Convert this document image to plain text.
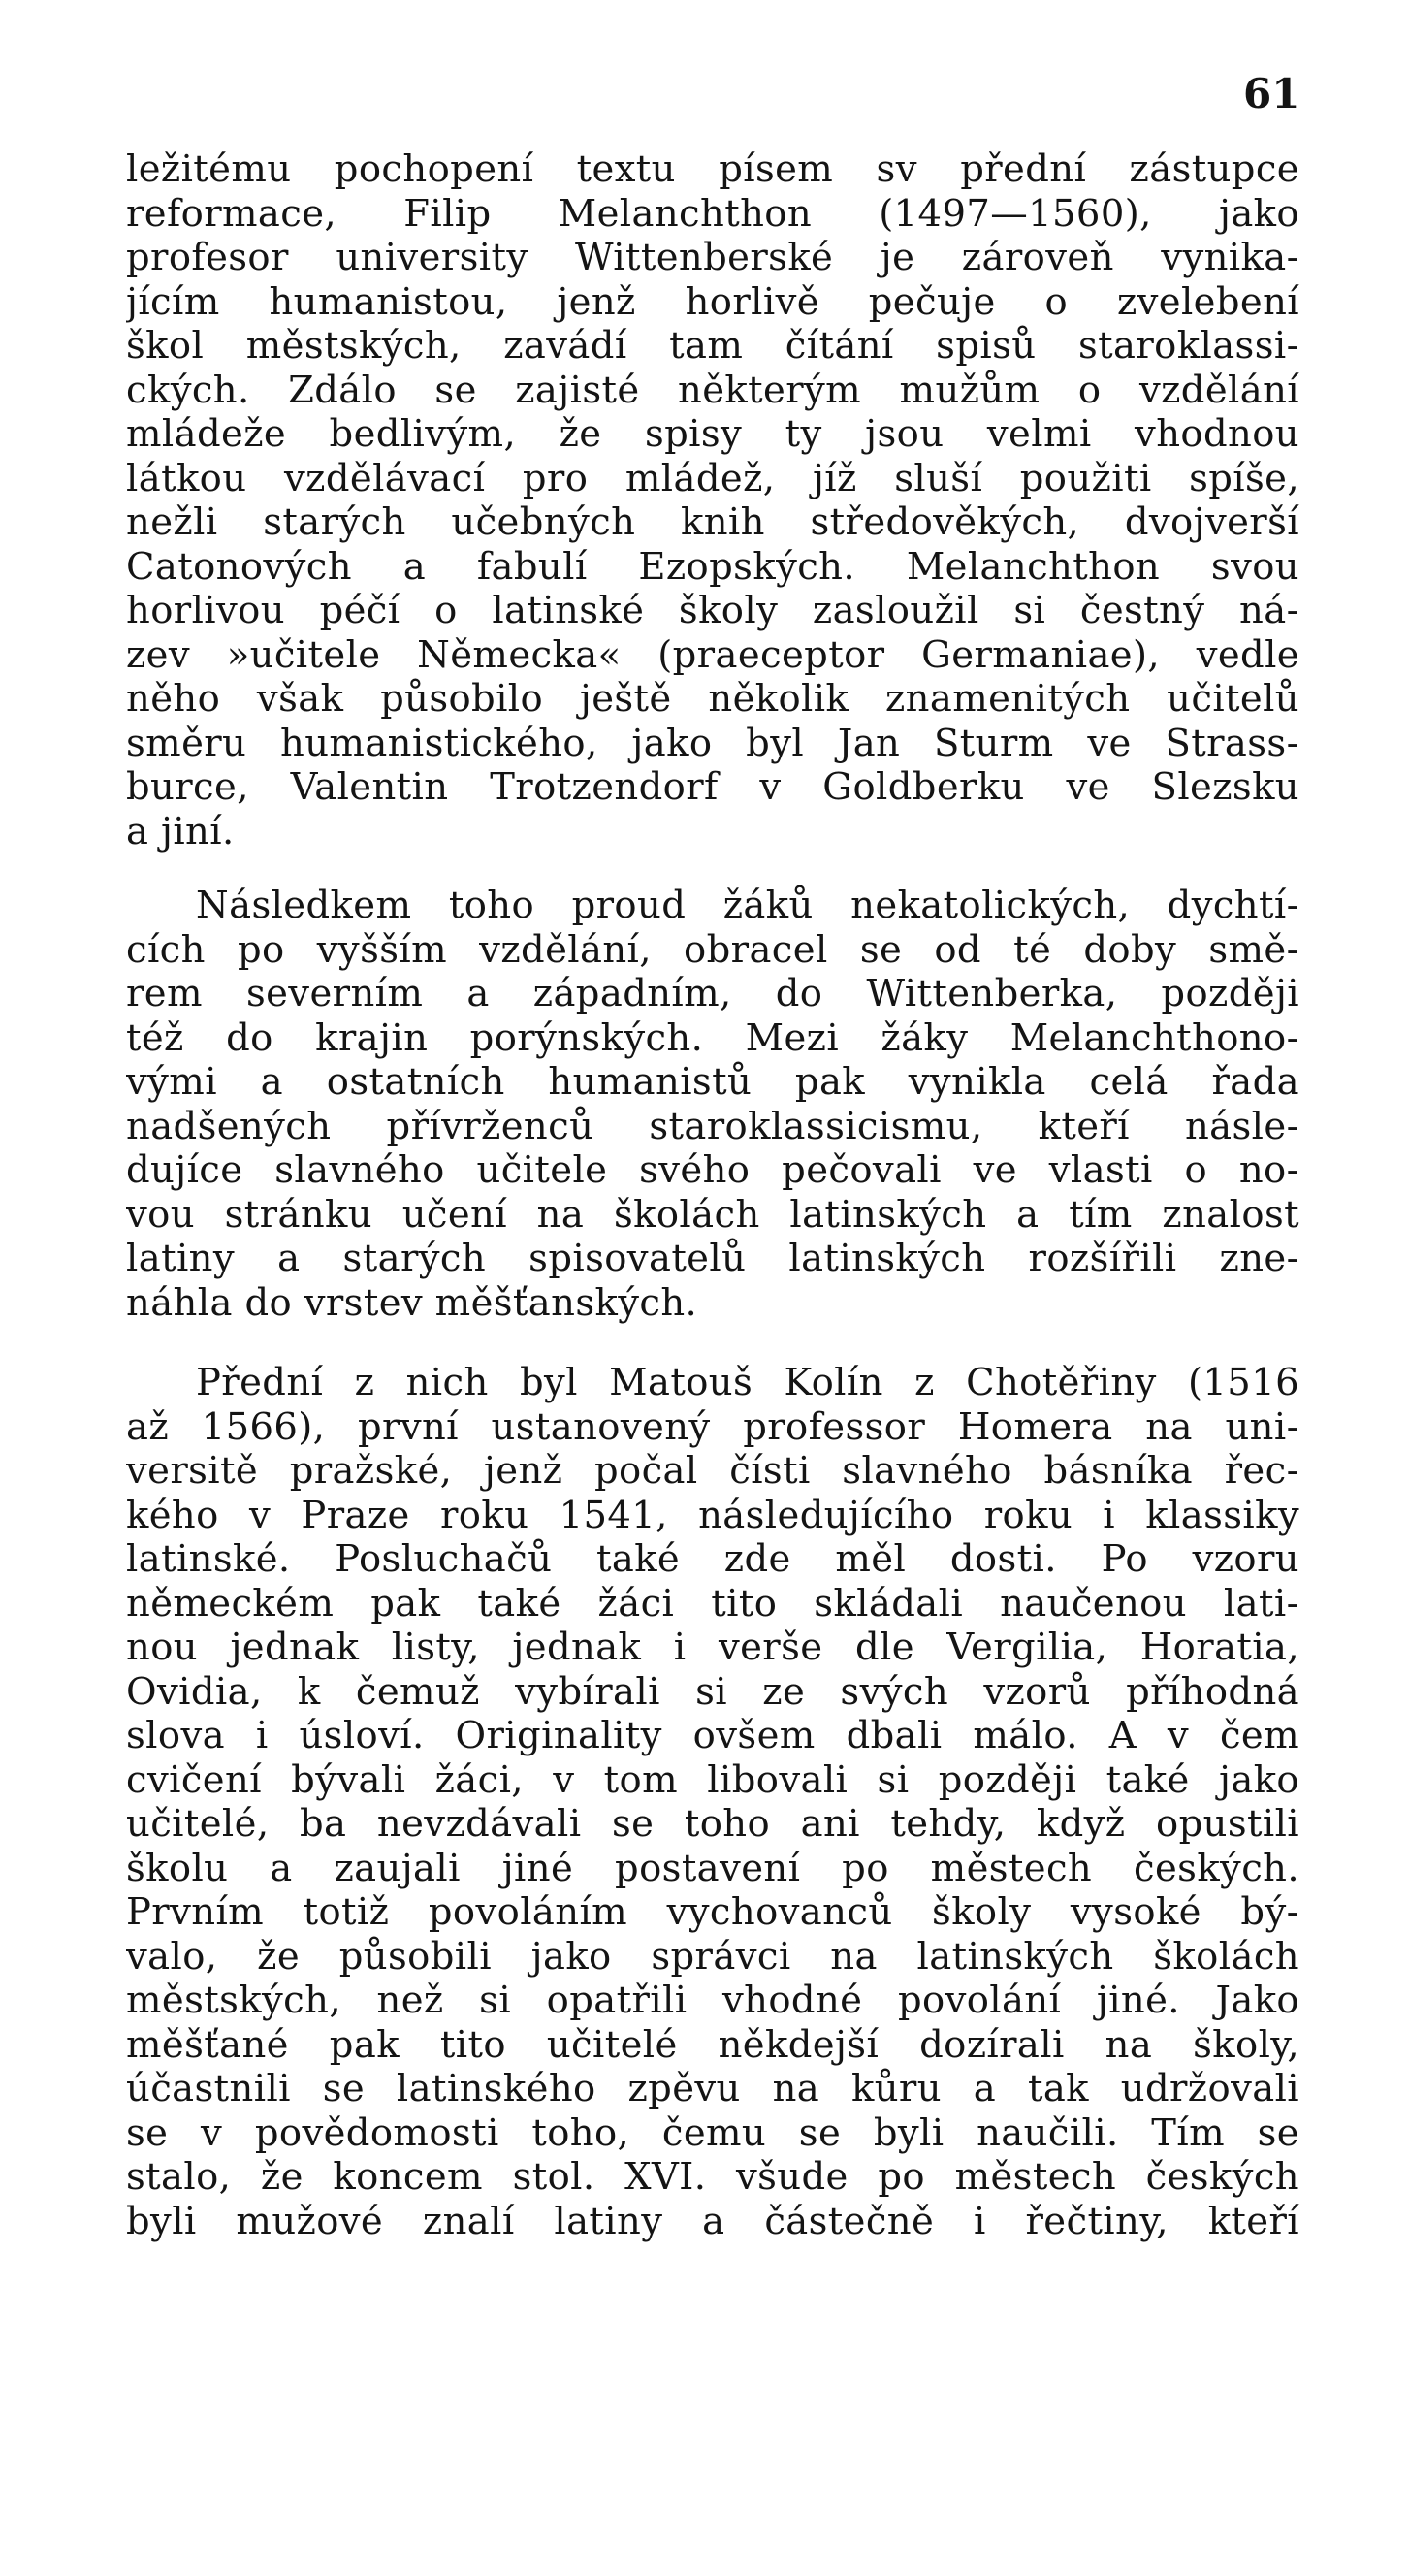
61

ležitému pochopení textu písem sv přední zástupce
reformace, Filip Melanchthon (1497—1560), jako
profesor university Wittenberské je zároveň vynika-
jícím humanistou, jenž horlivě pečuje o zvelebení
škol městských, zavádí tam čítání spisů staroklassi-
ckých. Zdálo se zajisté některým mužům o vzdělání
mládeže bedlivým, že spisy ty jsou velmi vhodnou
látkou vzdělávací pro mládež, jíž sluší použiti spíše,
nežli starých učebných knih středověkých, dvojverší
Catonových a fabulí Ezopských. Melanchthon svou
horlivou péčí o latinské školy zasloužil si čestný ná-
zev »učitele Německa« (praeceptor Germaniae), vedle
něho však působilo ještě několik znamenitých učitelů
směru humanistického, jako byl Jan Sturm ve Strass-
burce, Valentin Trotzendorf v Goldberku ve Slezsku
a jiní.

Následkem toho proud žáků nekatolických, dychtí-
cích po vyšším vzdělání, obracel se od té doby smě-
rem severním a západním, do Wittenberka, později
též do krajin porýnských. Mezi žáky Melanchthono-
vými a ostatních humanistů pak vynikla celá řada
nadšených přívrženců staroklassicismu, kteří násle-
dujíce slavného učitele svého pečovali ve vlasti o no-
vou stránku učení na školách latinských a tím znalost
latiny a starých spisovatelů latinských rozšířili zne-
náhla do vrstev měšťanských.

Přední z nich byl Matouš Kolín z Chotěřiny (1516
až 1566), první ustanovený professor Homera na uni-
versitě pražské, jenž počal čísti slavného básníka řec-
kého v Praze roku 1541, následujícího roku i klassiky
latinské. Posluchačů také zde měl dosti. Po vzoru
německém pak také žáci tito skládali naučenou lati-
nou jednak listy, jednak i verše dle Vergilia, Horatia,
Ovidia, k čemuž vybírali si ze svých vzorů příhodná
slova i úsloví. Originality ovšem dbali málo. A v čem
cvičení bývali žáci, v tom libovali si později také jako
učitelé, ba nevzdávali se toho ani tehdy, když opustili
školu a zaujali jiné postavení po městech českých.
Prvním totiž povoláním vychovanců školy vysoké bý-
valo, že působili jako správci na latinských školách
městských, než si opatřili vhodné povolání jiné. Jako
měšťané pak tito učitelé někdejší dozírali na školy,
účastnili se latinského zpěvu na kůru a tak udržovali
se v povědomosti toho, čemu se byli naučili. Tím se
stalo, že koncem stol. XVI. všude po městech českých
byli mužové znalí latiny a částečně i řečtiny, kteří
